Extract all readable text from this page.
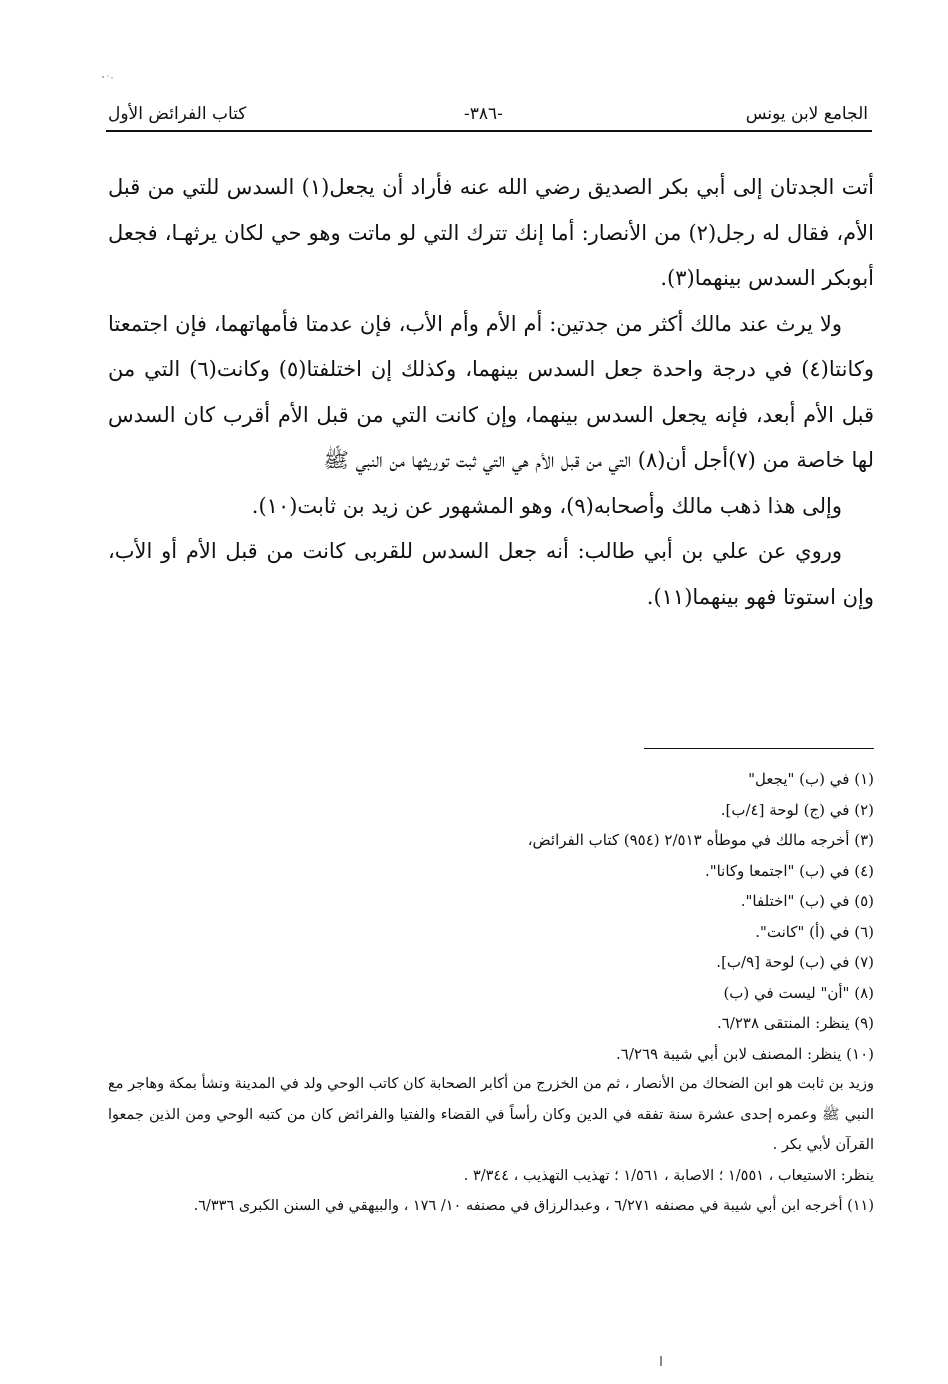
الجامع لابن يونس
-٣٨٦-
كتاب الفرائض الأول

أتت الجدتان إلى أبي بكر الصديق رضي الله عنه فأراد أن يجعل(١) السدس للتي من قبل الأم، فقال له رجل(٢) من الأنصار: أما إنك تترك التي لو ماتت وهو حي لكان يرثهـا، فجعل أبوبكر السدس بينهما(٣).

ولا يرث عند مالك أكثر من جدتين: أم الأم وأم الأب، فإن عدمتا فأمهاتهما، فإن اجتمعتا وكانتا(٤) في درجة واحدة جعل السدس بينهما، وكذلك إن اختلفتا(٥) وكانت(٦) التي من قبل الأم أبعد، فإنه يجعل السدس بينهما، وإن كانت التي من قبل الأم أقرب كان السدس لها خاصة من (٧)أجل أن(٨) التي من قبل الأم هي التي ثبت توريثها من النبي ﷺ

وإلى هذا ذهب مالك وأصحابه(٩)، وهو المشهور عن زيد بن ثابت(١٠).

وروي عن علي بن أبي طالب: أنه جعل السدس للقربى كانت من قبل الأم أو الأب، وإن استوتا فهو بينهما(١١).

(١) في (ب) "يجعل"

(٢) في (ج) لوحة [٤/ب].

(٣) أخرجه مالك في موطأه ٢/٥١٣ (٩٥٤) كتاب الفرائض،

(٤) في (ب) "اجتمعا وكانا".

(٥) في (ب) "اختلفا".

(٦) في (أ) "كانت".

(٧) في (ب) لوحة [٩/ب].

(٨) "أن" ليست في (ب)

(٩) ينظر: المنتقى ٦/٢٣٨.

(١٠) ينظر: المصنف لابن أبي شيبة ٦/٢٦٩.

وزيد بن ثابت هو ابن الضحاك من الأنصار ، ثم من الخزرج من أكابر الصحابة كان كاتب الوحي ولد في المدينة ونشأ بمكة وهاجر مع النبي ﷺ وعمره إحدى عشرة سنة تفقه في الدين وكان رأساً في القضاء والفتيا والفرائض كان من كتبه الوحي ومن الذين جمعوا القرآن لأبي بكر .

ينظر: الاستيعاب ، ١/٥٥١ ؛ الاصابة ، ١/٥٦١ ؛ تهذيب التهذيب ، ٣/٣٤٤ .

(١١) أخرجه ابن أبي شيبة في مصنفه ٦/٢٧١ ، وعبدالرزاق في مصنفه ١٠/ ١٧٦ ، والبيهقي في السنن الكبرى ٦/٣٣٦.
